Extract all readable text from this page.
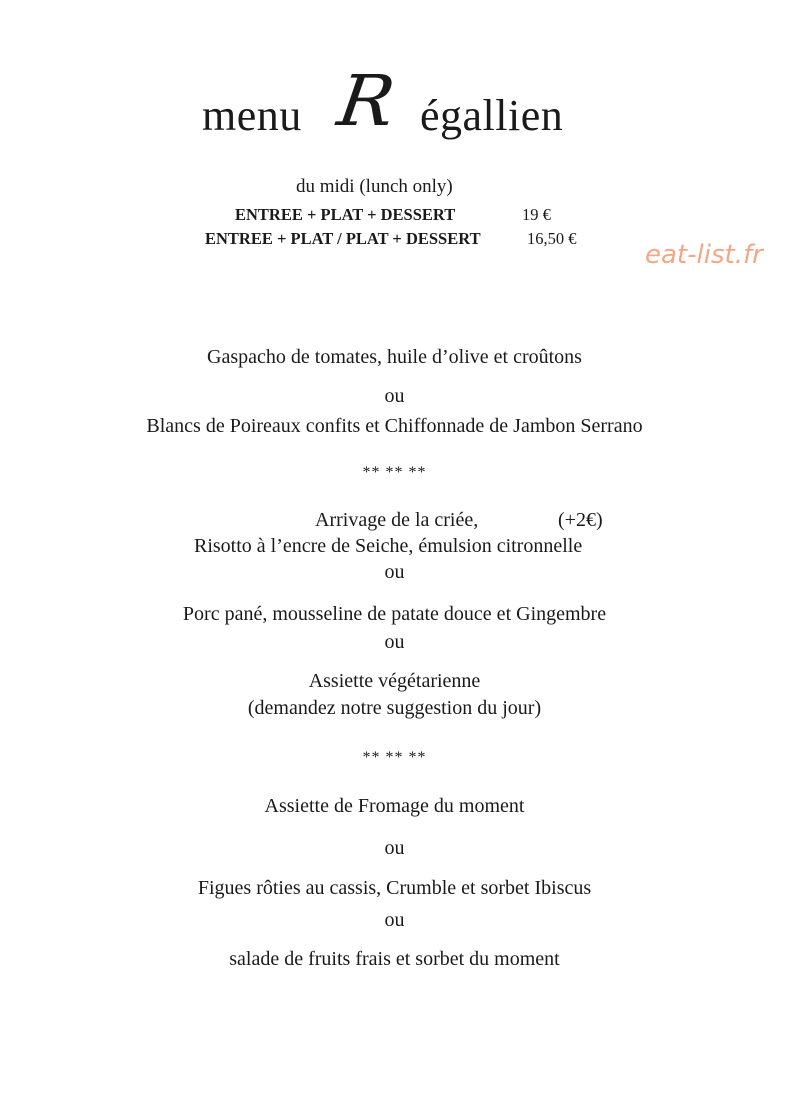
menu R égallien
du midi (lunch only)
ENTREE + PLAT + DESSERT	19 €
ENTREE + PLAT / PLAT + DESSERT	16,50 €
eat-list.fr
Gaspacho de tomates, huile d’olive et croûtons
ou
Blancs de Poireaux confits et Chiffonnade de Jambon Serrano
** ** **
Arrivage de la criée,	(+2€)
Risotto à l’encre de Seiche, émulsion citronnelle
ou
Porc pané, mousseline de patate douce et Gingembre
ou
Assiette végétarienne
(demandez notre suggestion du jour)
** ** **
Assiette de Fromage du moment
ou
Figues rôties au cassis, Crumble et sorbet Ibiscus
ou
salade de fruits frais et sorbet du moment
